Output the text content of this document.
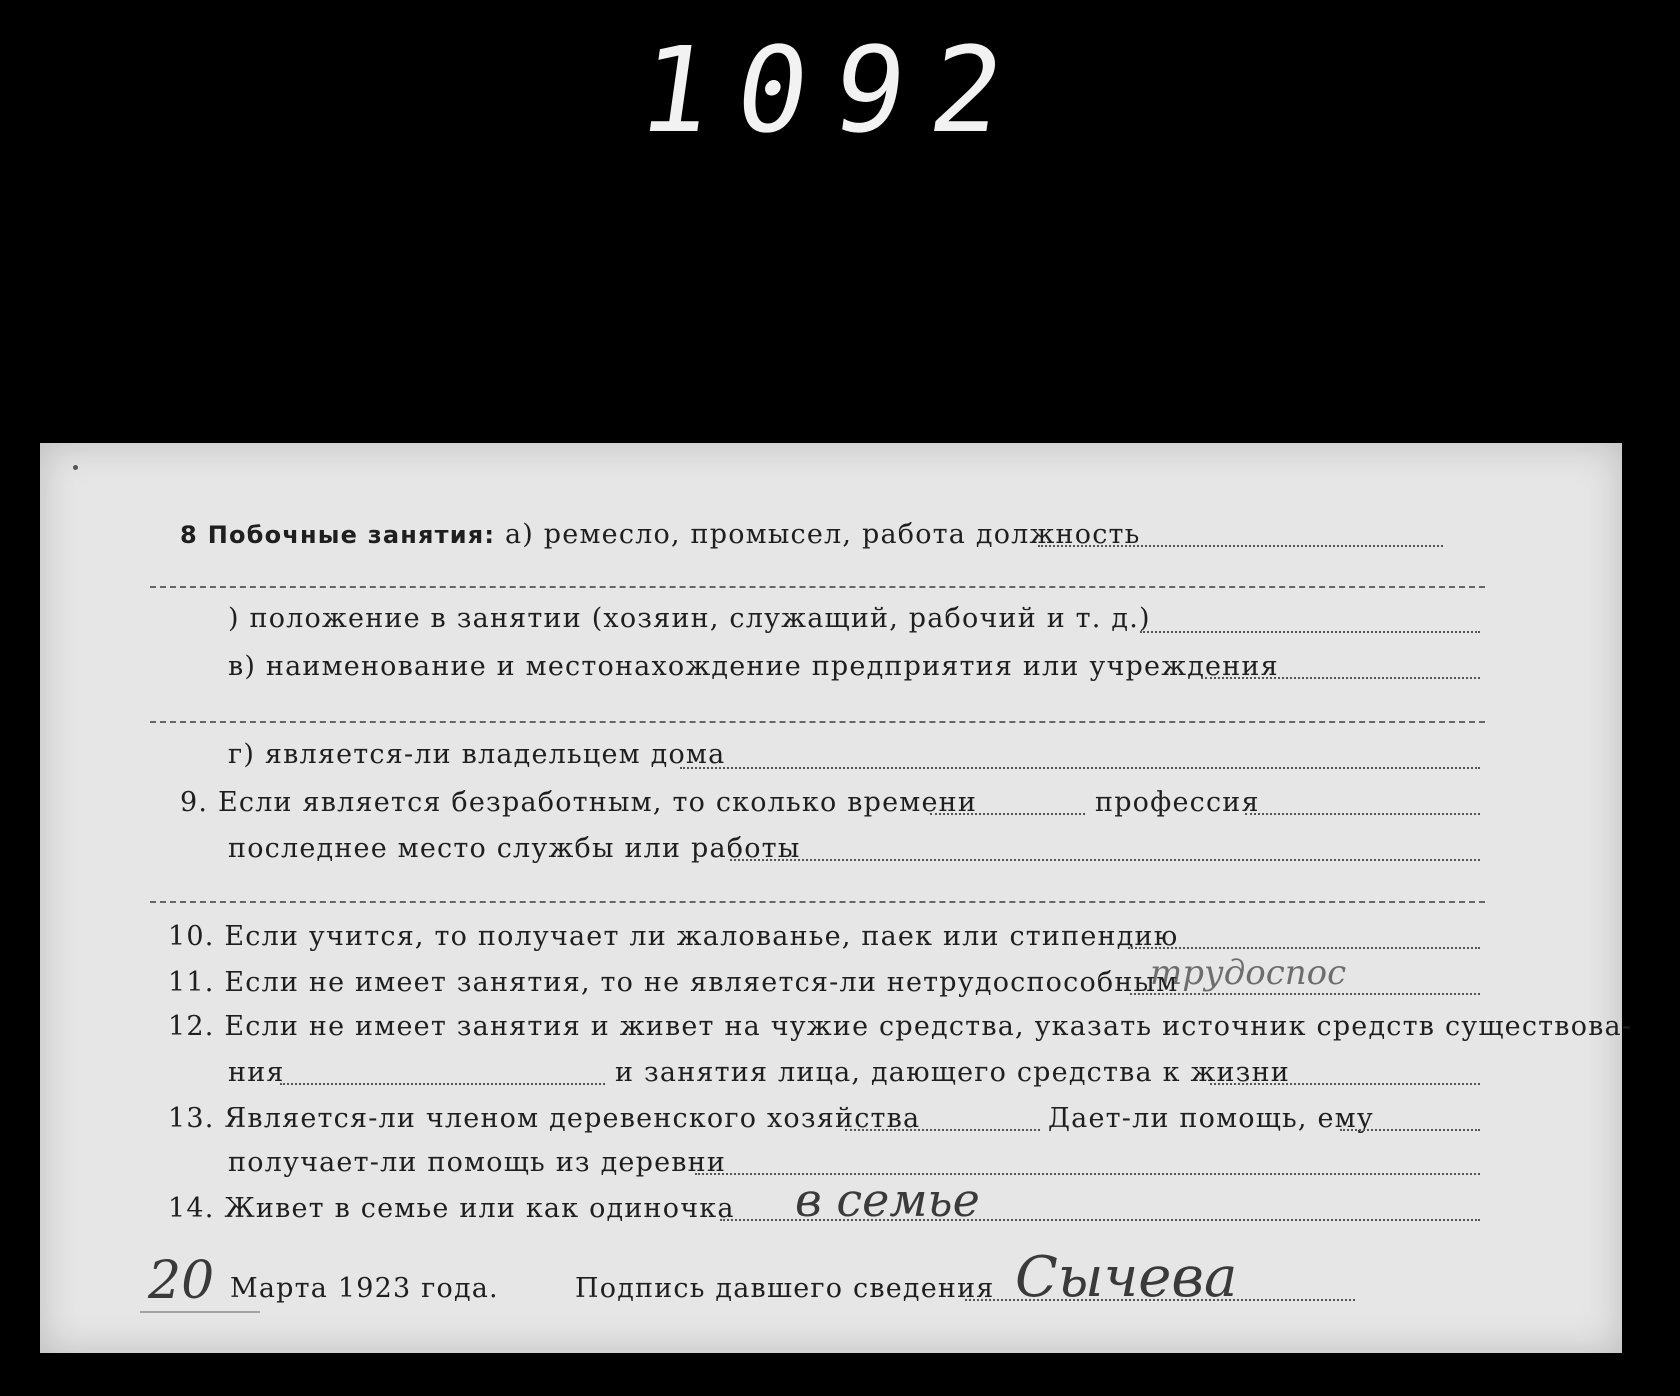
1092
8 Побочные занятия: а) ремесло, промысел, работа должность
) положение в занятии (хозяин, служащий, рабочий и т. д.)
в) наименование и местонахождение предприятия или учреждения
г) является-ли владельцем дома
9. Если является безработным, то сколько времени	профессия
последнее место службы или работы
10. Если учится, то получает ли жалованье, паек или стипендию
11. Если не имеет занятия, то не является-ли нетрудоспособным
трудоспос
12. Если не имеет занятия и живет на чужие средства, указать источник средств существова-
ния	и занятия лица, дающего средства к жизни
13. Является-ли членом деревенского хозяйства	Дает-ли помощь, ему
получает-ли помощь из деревни
14. Живет в семье или как одиночка в семье
20 Марта 1923 года.	Подпись давшего сведения Сычева
